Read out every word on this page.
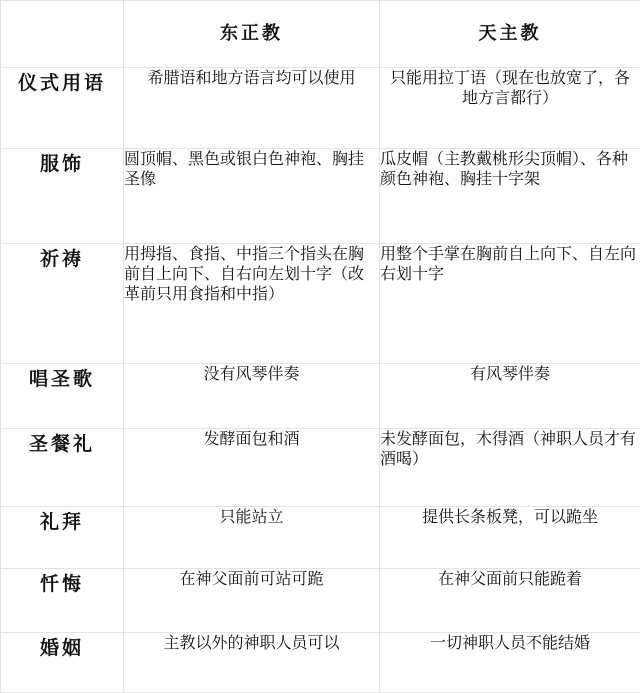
	东正教	天主教
仪式用语	希腊语和地方语言均可以使用	只能用拉丁语（现在也放宽了，各地方言都行）
服饰	圆顶帽、黑色或银白色神袍、胸挂圣像	瓜皮帽（主教戴桃形尖顶帽）、各种颜色神袍、胸挂十字架
祈祷	用拇指、食指、中指三个指头在胸前自上向下、自右向左划十字（改革前只用食指和中指）	用整个手掌在胸前自上向下、自左向右划十字
唱圣歌	没有风琴伴奏	有风琴伴奏
圣餐礼	发酵面包和酒	未发酵面包，木得酒（神职人员才有酒喝）
礼拜	只能站立	提供长条板凳，可以跪坐
忏悔	在神父面前可站可跪	在神父面前只能跪着
婚姻	主教以外的神职人员可以	一切神职人员不能结婚
